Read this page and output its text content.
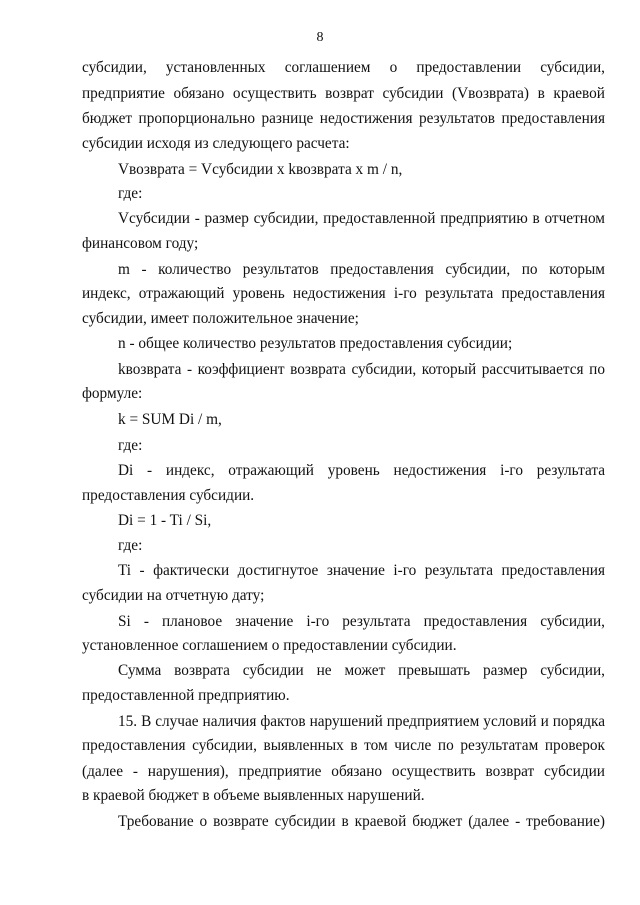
8
субсидии, установленных соглашением о предоставлении субсидии,
предприятие обязано осуществить возврат субсидии (Vвозврата) в краевой
бюджет пропорционально разнице недостижения результатов предоставления
субсидии исходя из следующего расчета:
Vвозврата = Vсубсидии x kвозврата x m / n,
где:
Vсубсидии - размер субсидии, предоставленной предприятию в отчетном
финансовом году;
m - количество результатов предоставления субсидии, по которым
индекс, отражающий уровень недостижения i-го результата предоставления
субсидии, имеет положительное значение;
n - общее количество результатов предоставления субсидии;
kвозврата - коэффициент возврата субсидии, который рассчитывается по
формуле:
k = SUM Di / m,
где:
Di - индекс, отражающий уровень недостижения i-го результата
предоставления субсидии.
Di = 1 - Ti / Si,
где:
Ti - фактически достигнутое значение i-го результата предоставления
субсидии на отчетную дату;
Si - плановое значение i-го результата предоставления субсидии,
установленное соглашением о предоставлении субсидии.
Сумма возврата субсидии не может превышать размер субсидии,
предоставленной предприятию.
15. В случае наличия фактов нарушений предприятием условий и порядка
предоставления субсидии, выявленных в том числе по результатам проверок
(далее - нарушения), предприятие обязано осуществить возврат субсидии
в краевой бюджет в объеме выявленных нарушений.
Требование о возврате субсидии в краевой бюджет (далее - требование)
